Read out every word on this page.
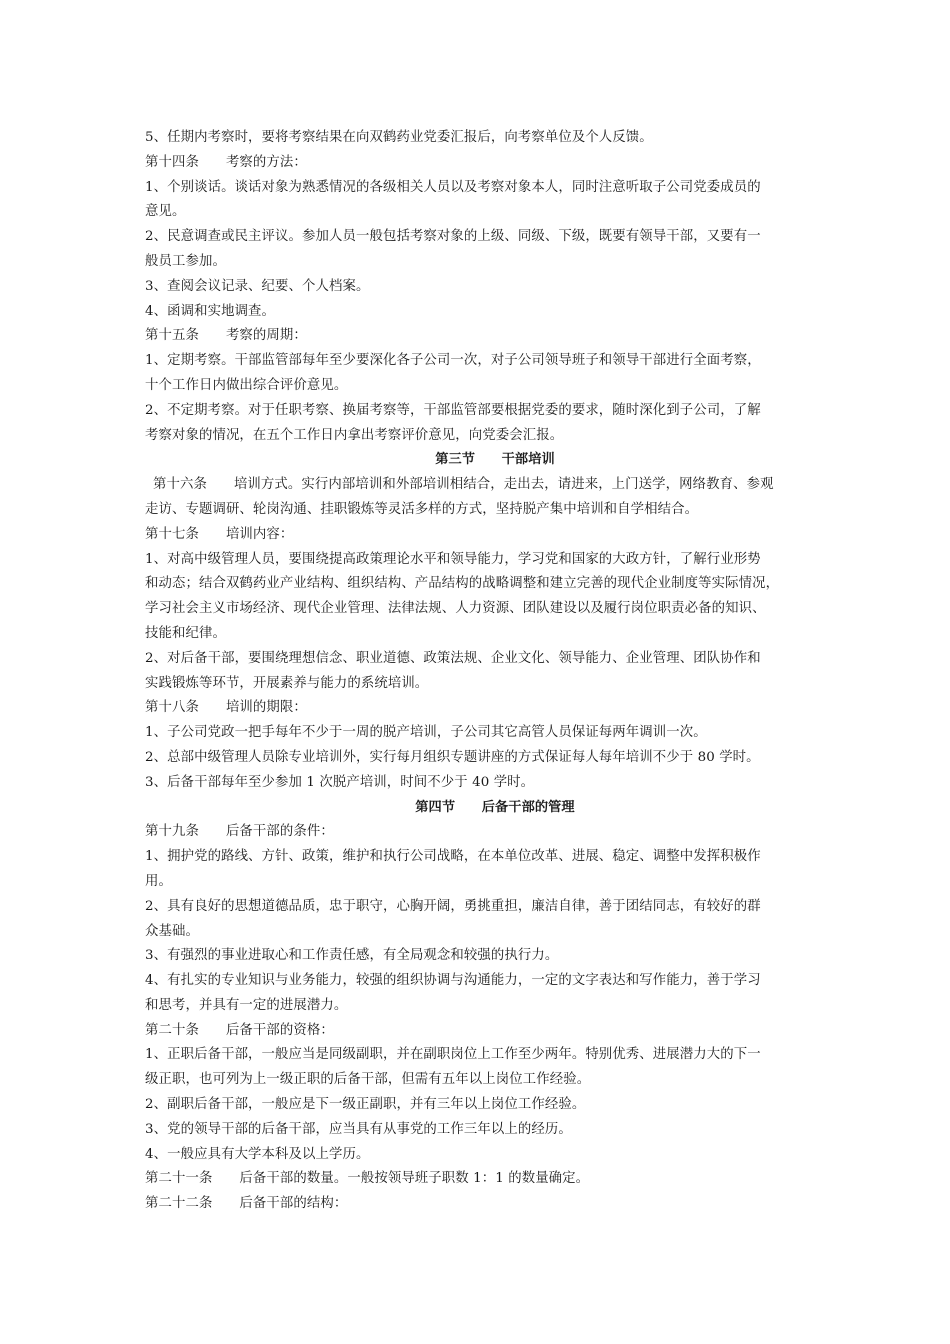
5、任期内考察时，要将考察结果在向双鹤药业党委汇报后，向考察单位及个人反馈。
第十四条　　考察的方法：
1、个别谈话。谈话对象为熟悉情况的各级相关人员以及考察对象本人，同时注意听取子公司党委成员的
意见。
2、民意调查或民主评议。参加人员一般包括考察对象的上级、同级、下级，既要有领导干部，又要有一
般员工参加。
3、查阅会议记录、纪要、个人档案。
4、函调和实地调查。
第十五条　　考察的周期：
1、定期考察。干部监管部每年至少要深化各子公司一次，对子公司领导班子和领导干部进行全面考察，
十个工作日内做出综合评价意见。
2、不定期考察。对于任职考察、换届考察等，干部监管部要根据党委的要求，随时深化到子公司，了解
考察对象的情况，在五个工作日内拿出考察评价意见，向党委会汇报。
第三节　　干部培训
第十六条　　培训方式。实行内部培训和外部培训相结合，走出去，请进来，上门送学，网络教育、参观
走访、专题调研、轮岗沟通、挂职锻炼等灵活多样的方式，坚持脱产集中培训和自学相结合。
第十七条　　培训内容：
1、对高中级管理人员，要围绕提高政策理论水平和领导能力，学习党和国家的大政方针，了解行业形势
和动态；结合双鹤药业产业结构、组织结构、产品结构的战略调整和建立完善的现代企业制度等实际情况，
学习社会主义市场经济、现代企业管理、法律法规、人力资源、团队建设以及履行岗位职责必备的知识、
技能和纪律。
2、对后备干部，要围绕理想信念、职业道德、政策法规、企业文化、领导能力、企业管理、团队协作和
实践锻炼等环节，开展素养与能力的系统培训。
第十八条　　培训的期限：
1、子公司党政一把手每年不少于一周的脱产培训，子公司其它高管人员保证每两年调训一次。
2、总部中级管理人员除专业培训外，实行每月组织专题讲座的方式保证每人每年培训不少于 80 学时。
3、后备干部每年至少参加 1 次脱产培训，时间不少于 40 学时。
第四节　　后备干部的管理
第十九条　　后备干部的条件：
1、拥护党的路线、方针、政策，维护和执行公司战略，在本单位改革、进展、稳定、调整中发挥积极作
用。
2、具有良好的思想道德品质，忠于职守，心胸开阔，勇挑重担，廉洁自律，善于团结同志，有较好的群
众基础。
3、有强烈的事业进取心和工作责任感，有全局观念和较强的执行力。
4、有扎实的专业知识与业务能力，较强的组织协调与沟通能力，一定的文字表达和写作能力，善于学习
和思考，并具有一定的进展潜力。
第二十条　　后备干部的资格：
1、正职后备干部，一般应当是同级副职，并在副职岗位上工作至少两年。特别优秀、进展潜力大的下一
级正职，也可列为上一级正职的后备干部，但需有五年以上岗位工作经验。
2、副职后备干部，一般应是下一级正副职，并有三年以上岗位工作经验。
3、党的领导干部的后备干部，应当具有从事党的工作三年以上的经历。
4、一般应具有大学本科及以上学历。
第二十一条　　后备干部的数量。一般按领导班子职数 1：1 的数量确定。
第二十二条　　后备干部的结构：
